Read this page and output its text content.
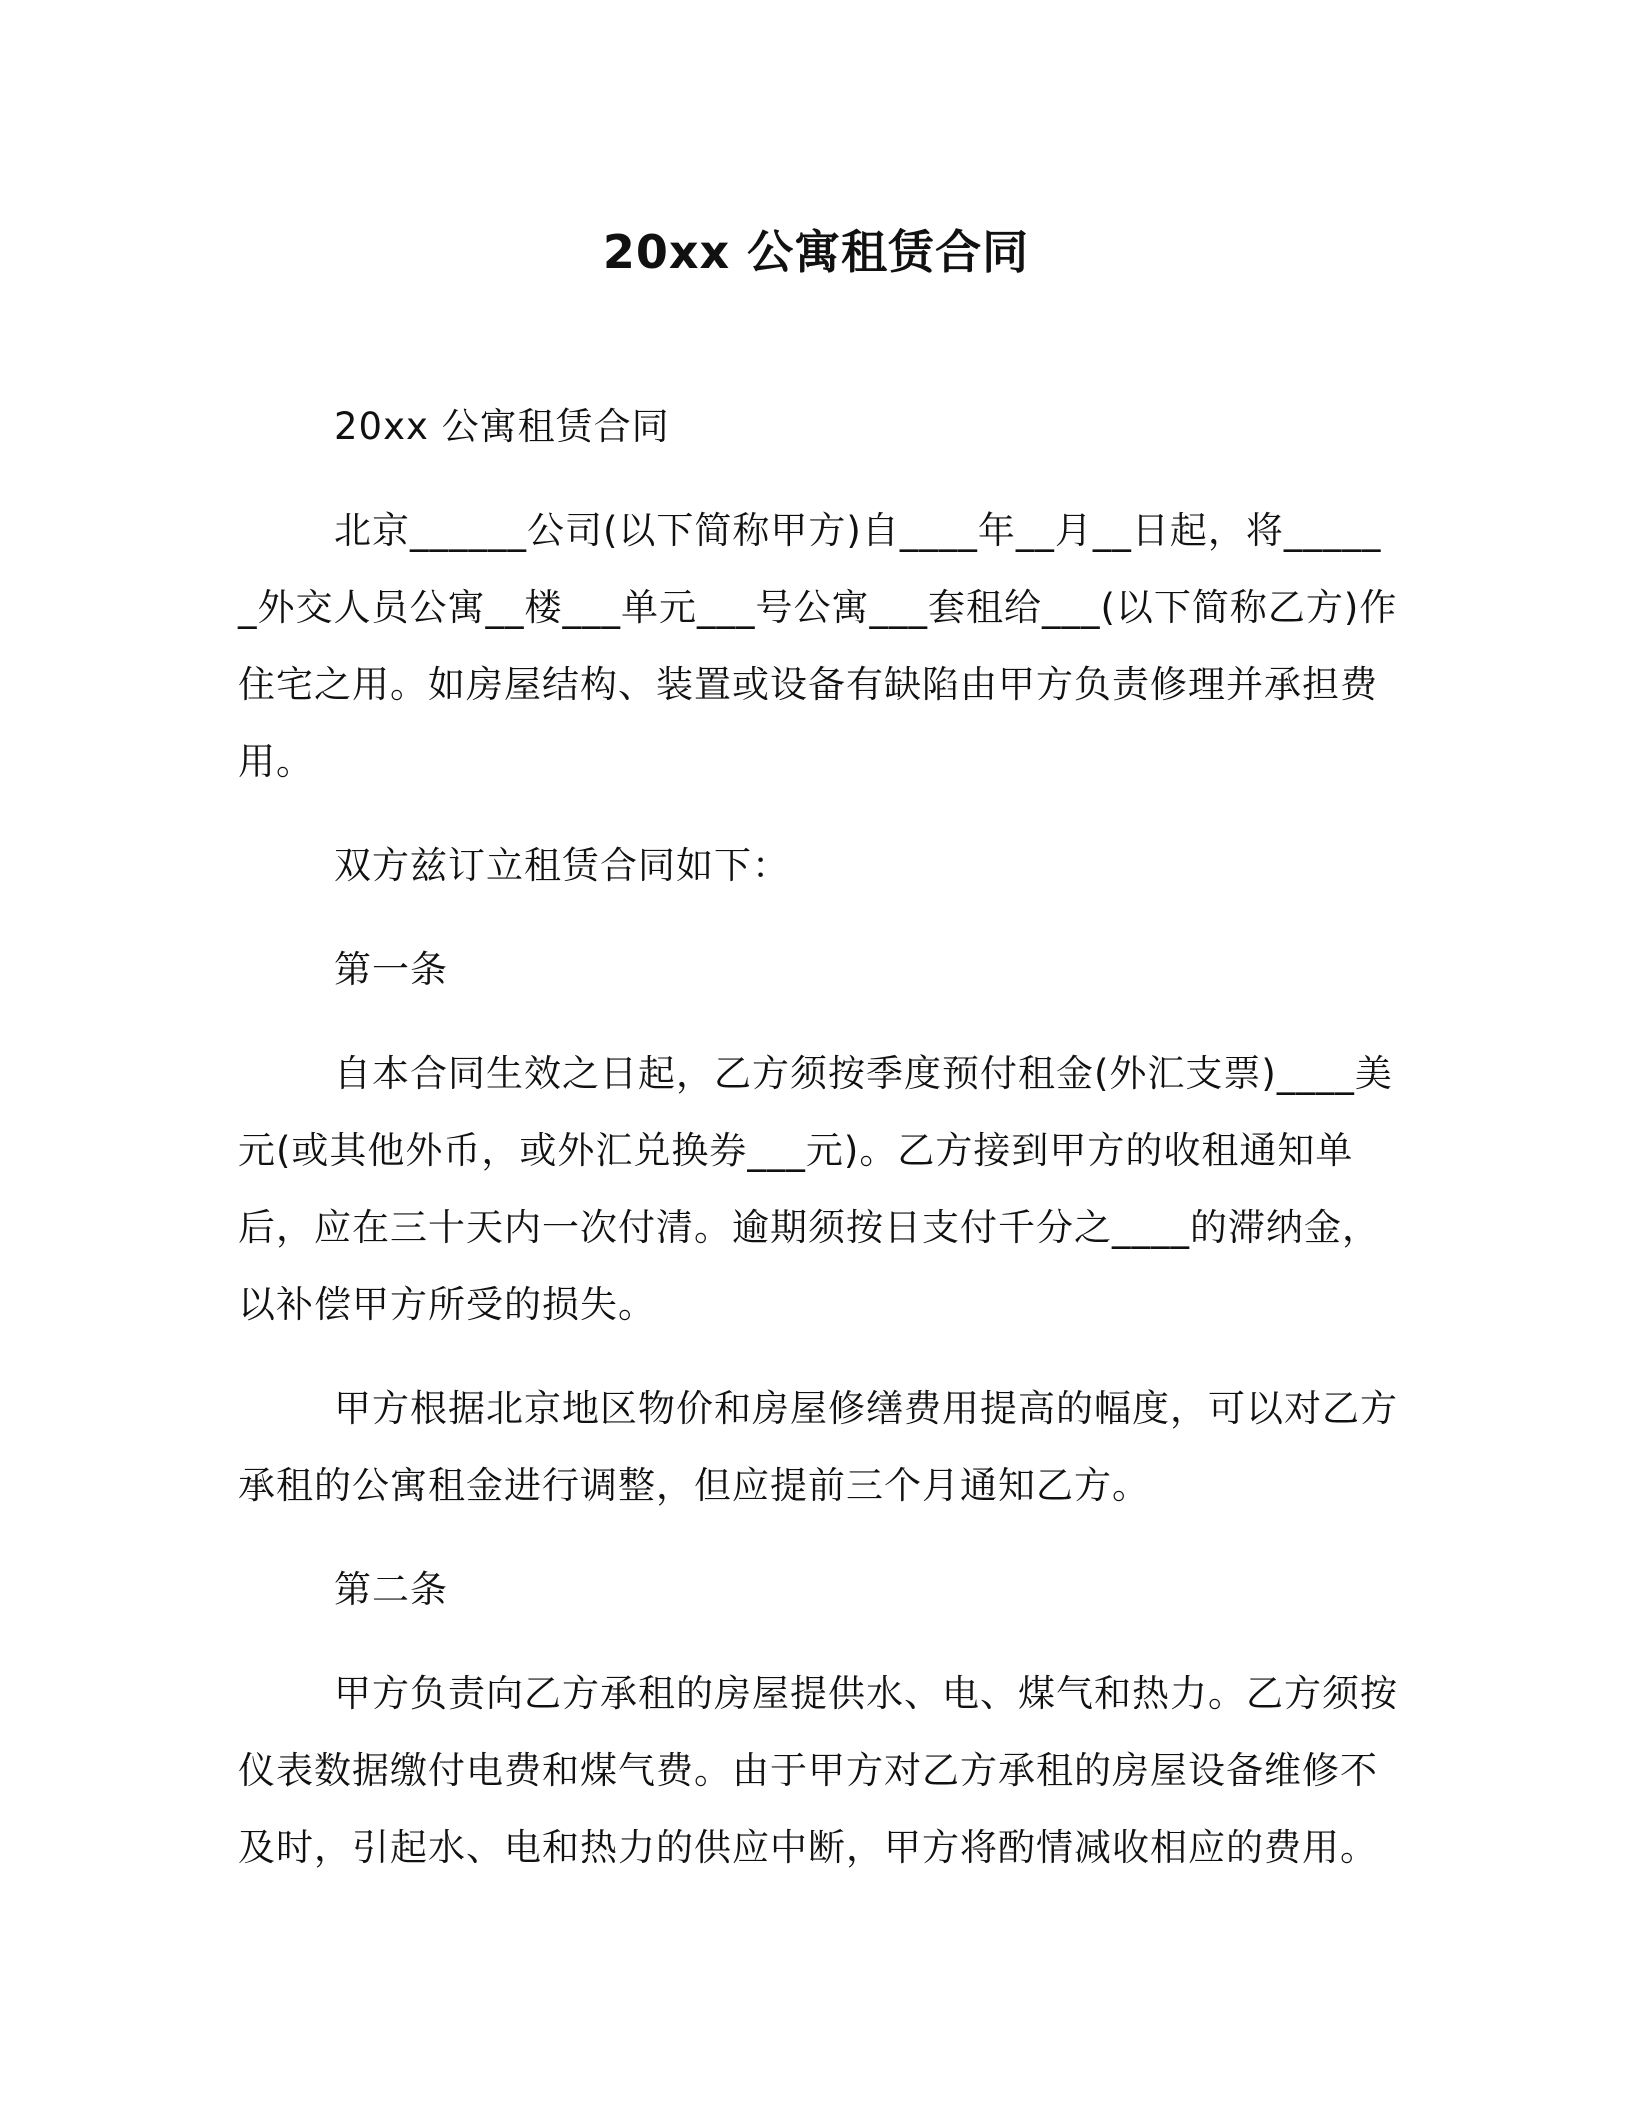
20xx 公寓租赁合同

20xx 公寓租赁合同

北京______公司(以下简称甲方)自____年__月__日起，将______外交人员公寓__楼___单元___号公寓___套租给___(以下简称乙方)作住宅之用。如房屋结构、装置或设备有缺陷由甲方负责修理并承担费用。

双方兹订立租赁合同如下：

第一条

自本合同生效之日起，乙方须按季度预付租金(外汇支票)____美元(或其他外币，或外汇兑换券___元)。乙方接到甲方的收租通知单后，应在三十天内一次付清。逾期须按日支付千分之____的滞纳金，以补偿甲方所受的损失。

甲方根据北京地区物价和房屋修缮费用提高的幅度，可以对乙方承租的公寓租金进行调整，但应提前三个月通知乙方。

第二条

甲方负责向乙方承租的房屋提供水、电、煤气和热力。乙方须按仪表数据缴付电费和煤气费。由于甲方对乙方承租的房屋设备维修不及时，引起水、电和热力的供应中断，甲方将酌情减收相应的费用。
